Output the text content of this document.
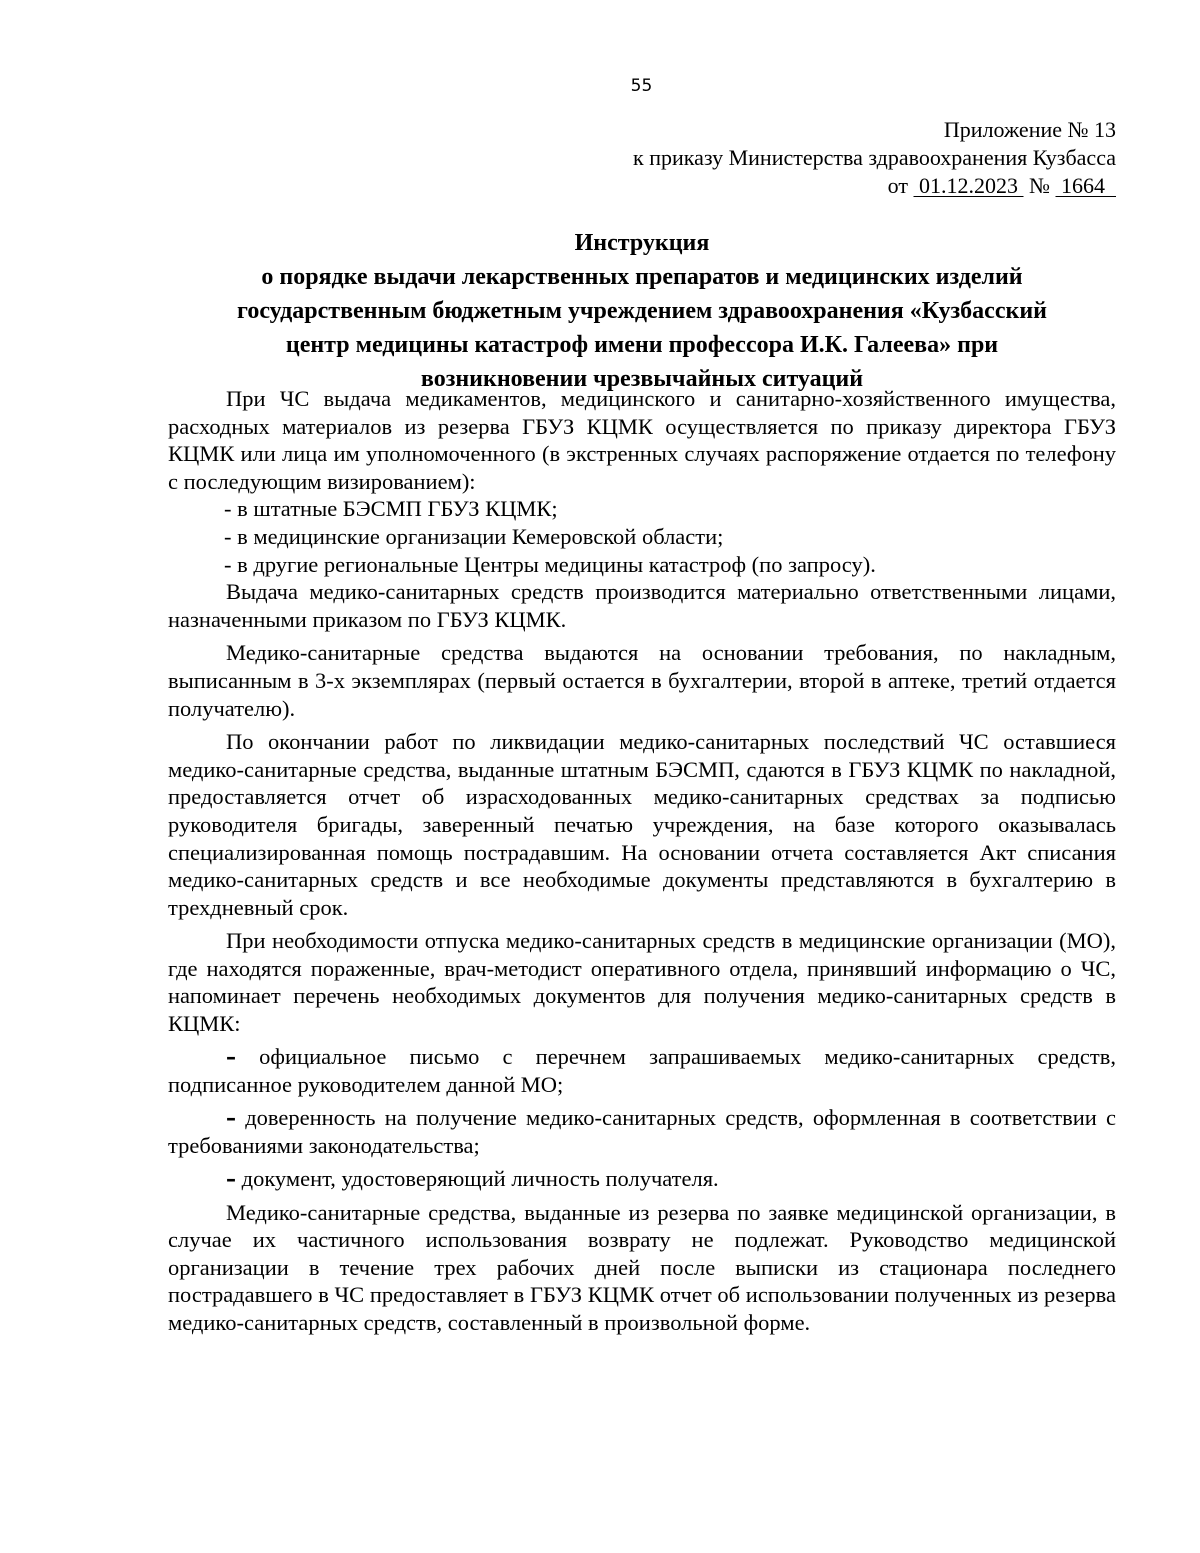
55
Приложение № 13
к приказу Министерства здравоохранения Кузбасса
от 01.12.2023 № 1664
Инструкция
о порядке выдачи лекарственных препаратов и медицинских изделий
государственным бюджетным учреждением здравоохранения «Кузбасский
центр медицины катастроф имени профессора И.К. Галеева» при
возникновении чрезвычайных ситуаций

При ЧС выдача медикаментов, медицинского и санитарно-хозяйственного имущества, расходных материалов из резерва ГБУЗ КЦМК осуществляется по приказу директора ГБУЗ КЦМК или лица им уполномоченного (в экстренных случаях распоряжение отдается по телефону с последующим визированием):

- в штатные БЭСМП ГБУЗ КЦМК;

- в медицинские организации Кемеровской области;

- в другие региональные Центры медицины катастроф (по запросу).

Выдача медико-санитарных средств производится материально ответственными лицами, назначенными приказом по ГБУЗ КЦМК.

Медико-санитарные средства выдаются на основании требования, по накладным, выписанным в 3-х экземплярах (первый остается в бухгалтерии, второй в аптеке, третий отдается получателю).

По окончании работ по ликвидации медико-санитарных последствий ЧС оставшиеся медико-санитарные средства, выданные штатным БЭСМП, сдаются в ГБУЗ КЦМК по накладной, предоставляется отчет об израсходованных медико-санитарных средствах за подписью руководителя бригады, заверенный печатью учреждения, на базе которого оказывалась специализированная помощь пострадавшим. На основании отчета составляется Акт списания медико-санитарных средств и все необходимые документы представляются в бухгалтерию в трехдневный срок.

При необходимости отпуска медико-санитарных средств в медицинские организации (МО), где находятся пораженные, врач-методист оперативного отдела, принявший информацию о ЧС, напоминает перечень необходимых документов для получения медико-санитарных средств в КЦМК:

– официальное письмо с перечнем запрашиваемых медико-санитарных средств, подписанное руководителем данной МО;

– доверенность на получение медико-санитарных средств, оформленная в соответствии с требованиями законодательства;

– документ, удостоверяющий личность получателя.

Медико-санитарные средства, выданные из резерва по заявке медицинской организации, в случае их частичного использования возврату не подлежат. Руководство медицинской организации в течение трех рабочих дней после выписки из стационара последнего пострадавшего в ЧС предоставляет в ГБУЗ КЦМК отчет об использовании полученных из резерва медико-санитарных средств, составленный в произвольной форме.
